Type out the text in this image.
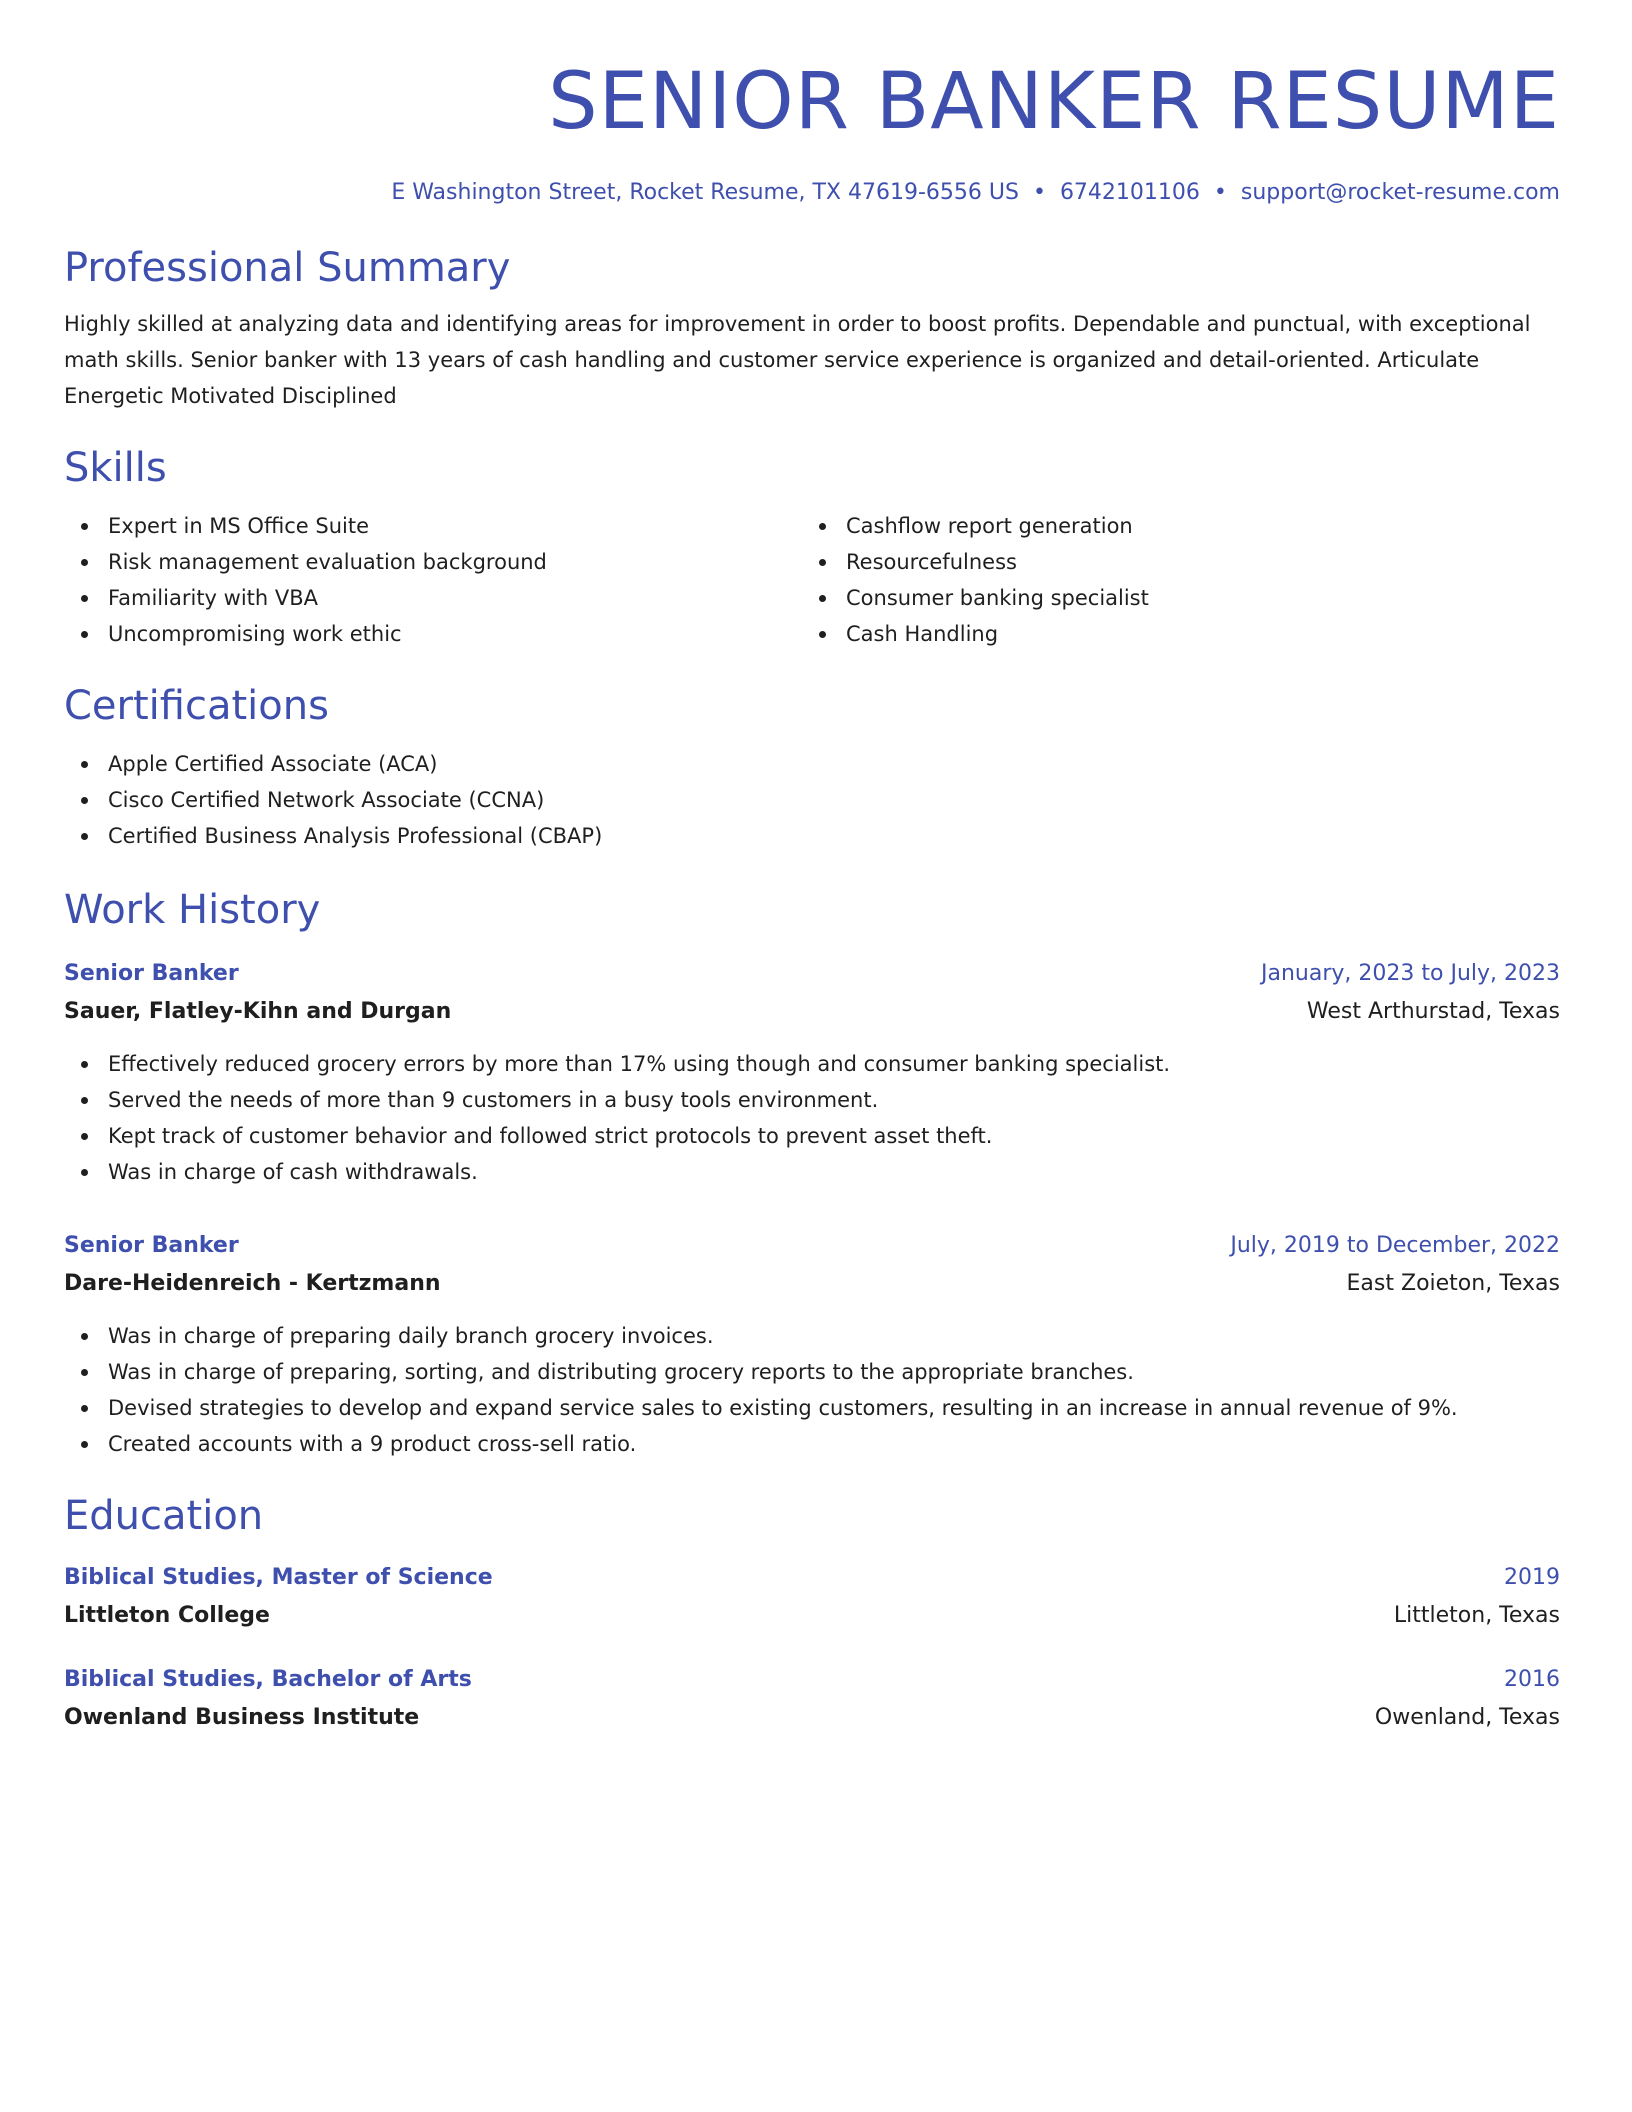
SENIOR BANKER RESUME
E Washington Street, Rocket Resume, TX 47619-6556 US • 6742101106 • support@rocket-resume.com
Professional Summary
Highly skilled at analyzing data and identifying areas for improvement in order to boost profits. Dependable and punctual, with exceptional math skills. Senior banker with 13 years of cash handling and customer service experience is organized and detail-oriented. Articulate Energetic Motivated Disciplined
Skills
Expert in MS Office Suite
Risk management evaluation background
Familiarity with VBA
Uncompromising work ethic
Cashflow report generation
Resourcefulness
Consumer banking specialist
Cash Handling
Certifications
Apple Certified Associate (ACA)
Cisco Certified Network Associate (CCNA)
Certified Business Analysis Professional (CBAP)
Work History
Senior Banker	January, 2023 to July, 2023
Sauer, Flatley-Kihn and Durgan	West Arthurstad, Texas
Effectively reduced grocery errors by more than 17% using though and consumer banking specialist.
Served the needs of more than 9 customers in a busy tools environment.
Kept track of customer behavior and followed strict protocols to prevent asset theft.
Was in charge of cash withdrawals.
Senior Banker	July, 2019 to December, 2022
Dare-Heidenreich - Kertzmann	East Zoieton, Texas
Was in charge of preparing daily branch grocery invoices.
Was in charge of preparing, sorting, and distributing grocery reports to the appropriate branches.
Devised strategies to develop and expand service sales to existing customers, resulting in an increase in annual revenue of 9%.
Created accounts with a 9 product cross-sell ratio.
Education
Biblical Studies, Master of Science	2019
Littleton College	Littleton, Texas
Biblical Studies, Bachelor of Arts	2016
Owenland Business Institute	Owenland, Texas
